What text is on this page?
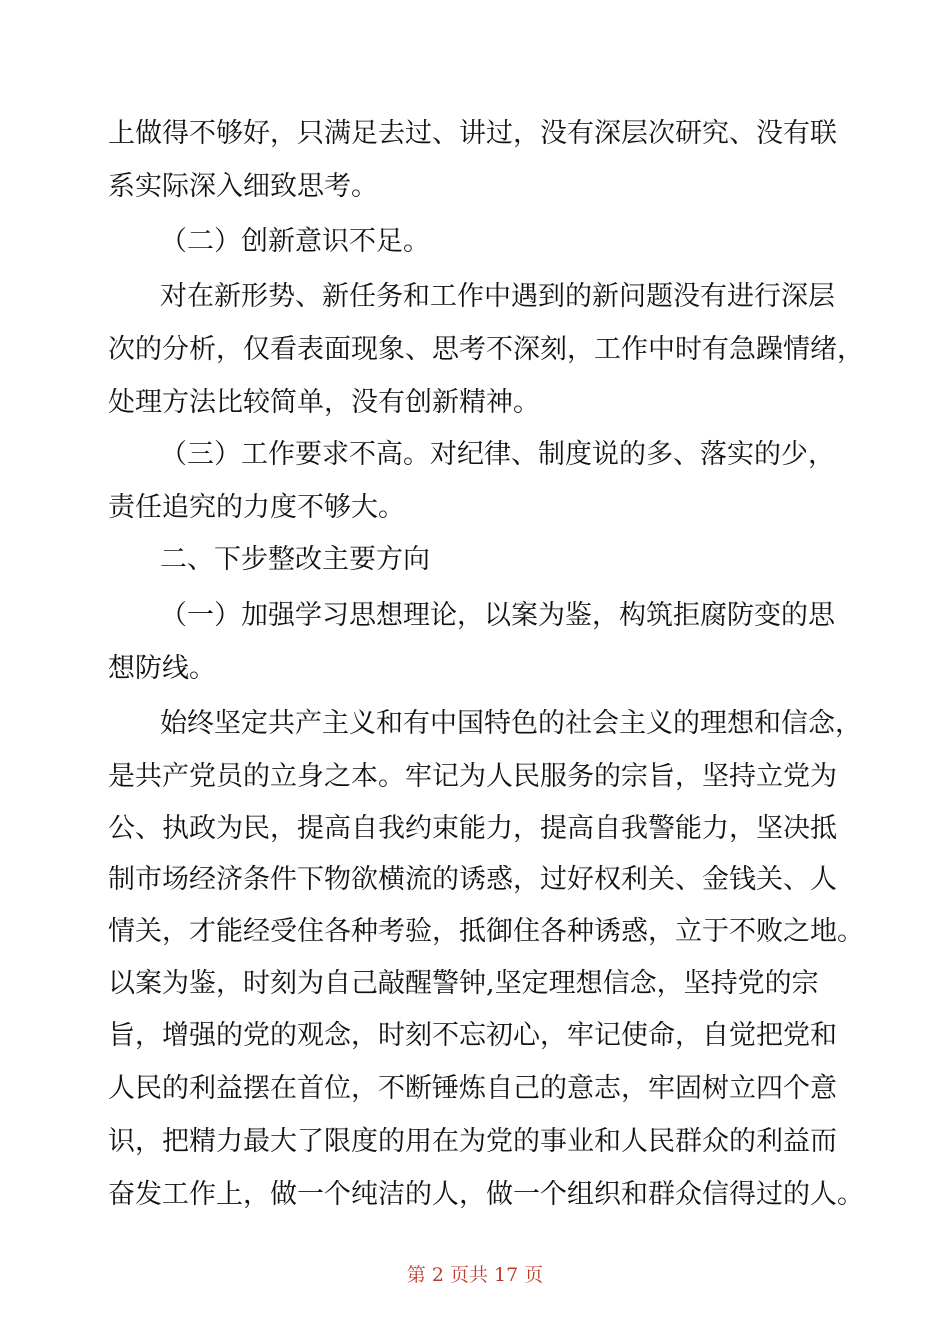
上做得不够好，只满足去过、讲过，没有深层次研究、没有联
系实际深入细致思考。
（二）创新意识不足。
对在新形势、新任务和工作中遇到的新问题没有进行深层
次的分析，仅看表面现象、思考不深刻，工作中时有急躁情绪，
处理方法比较简单，没有创新精神。
（三）工作要求不高。对纪律、制度说的多、落实的少，
责任追究的力度不够大。
二、下步整改主要方向
（一）加强学习思想理论，以案为鉴，构筑拒腐防变的思
想防线。
始终坚定共产主义和有中国特色的社会主义的理想和信念，
是共产党员的立身之本。牢记为人民服务的宗旨，坚持立党为
公、执政为民，提高自我约束能力，提高自我警能力，坚决抵
制市场经济条件下物欲横流的诱惑，过好权利关、金钱关、人
情关，才能经受住各种考验，抵御住各种诱惑，立于不败之地。
以案为鉴，时刻为自己敲醒警钟,坚定理想信念，坚持党的宗
旨，增强的党的观念，时刻不忘初心，牢记使命，自觉把党和
人民的利益摆在首位，不断锤炼自己的意志，牢固树立四个意
识，把精力最大了限度的用在为党的事业和人民群众的利益而
奋发工作上，做一个纯洁的人，做一个组织和群众信得过的人。
第 2 页共 17 页
